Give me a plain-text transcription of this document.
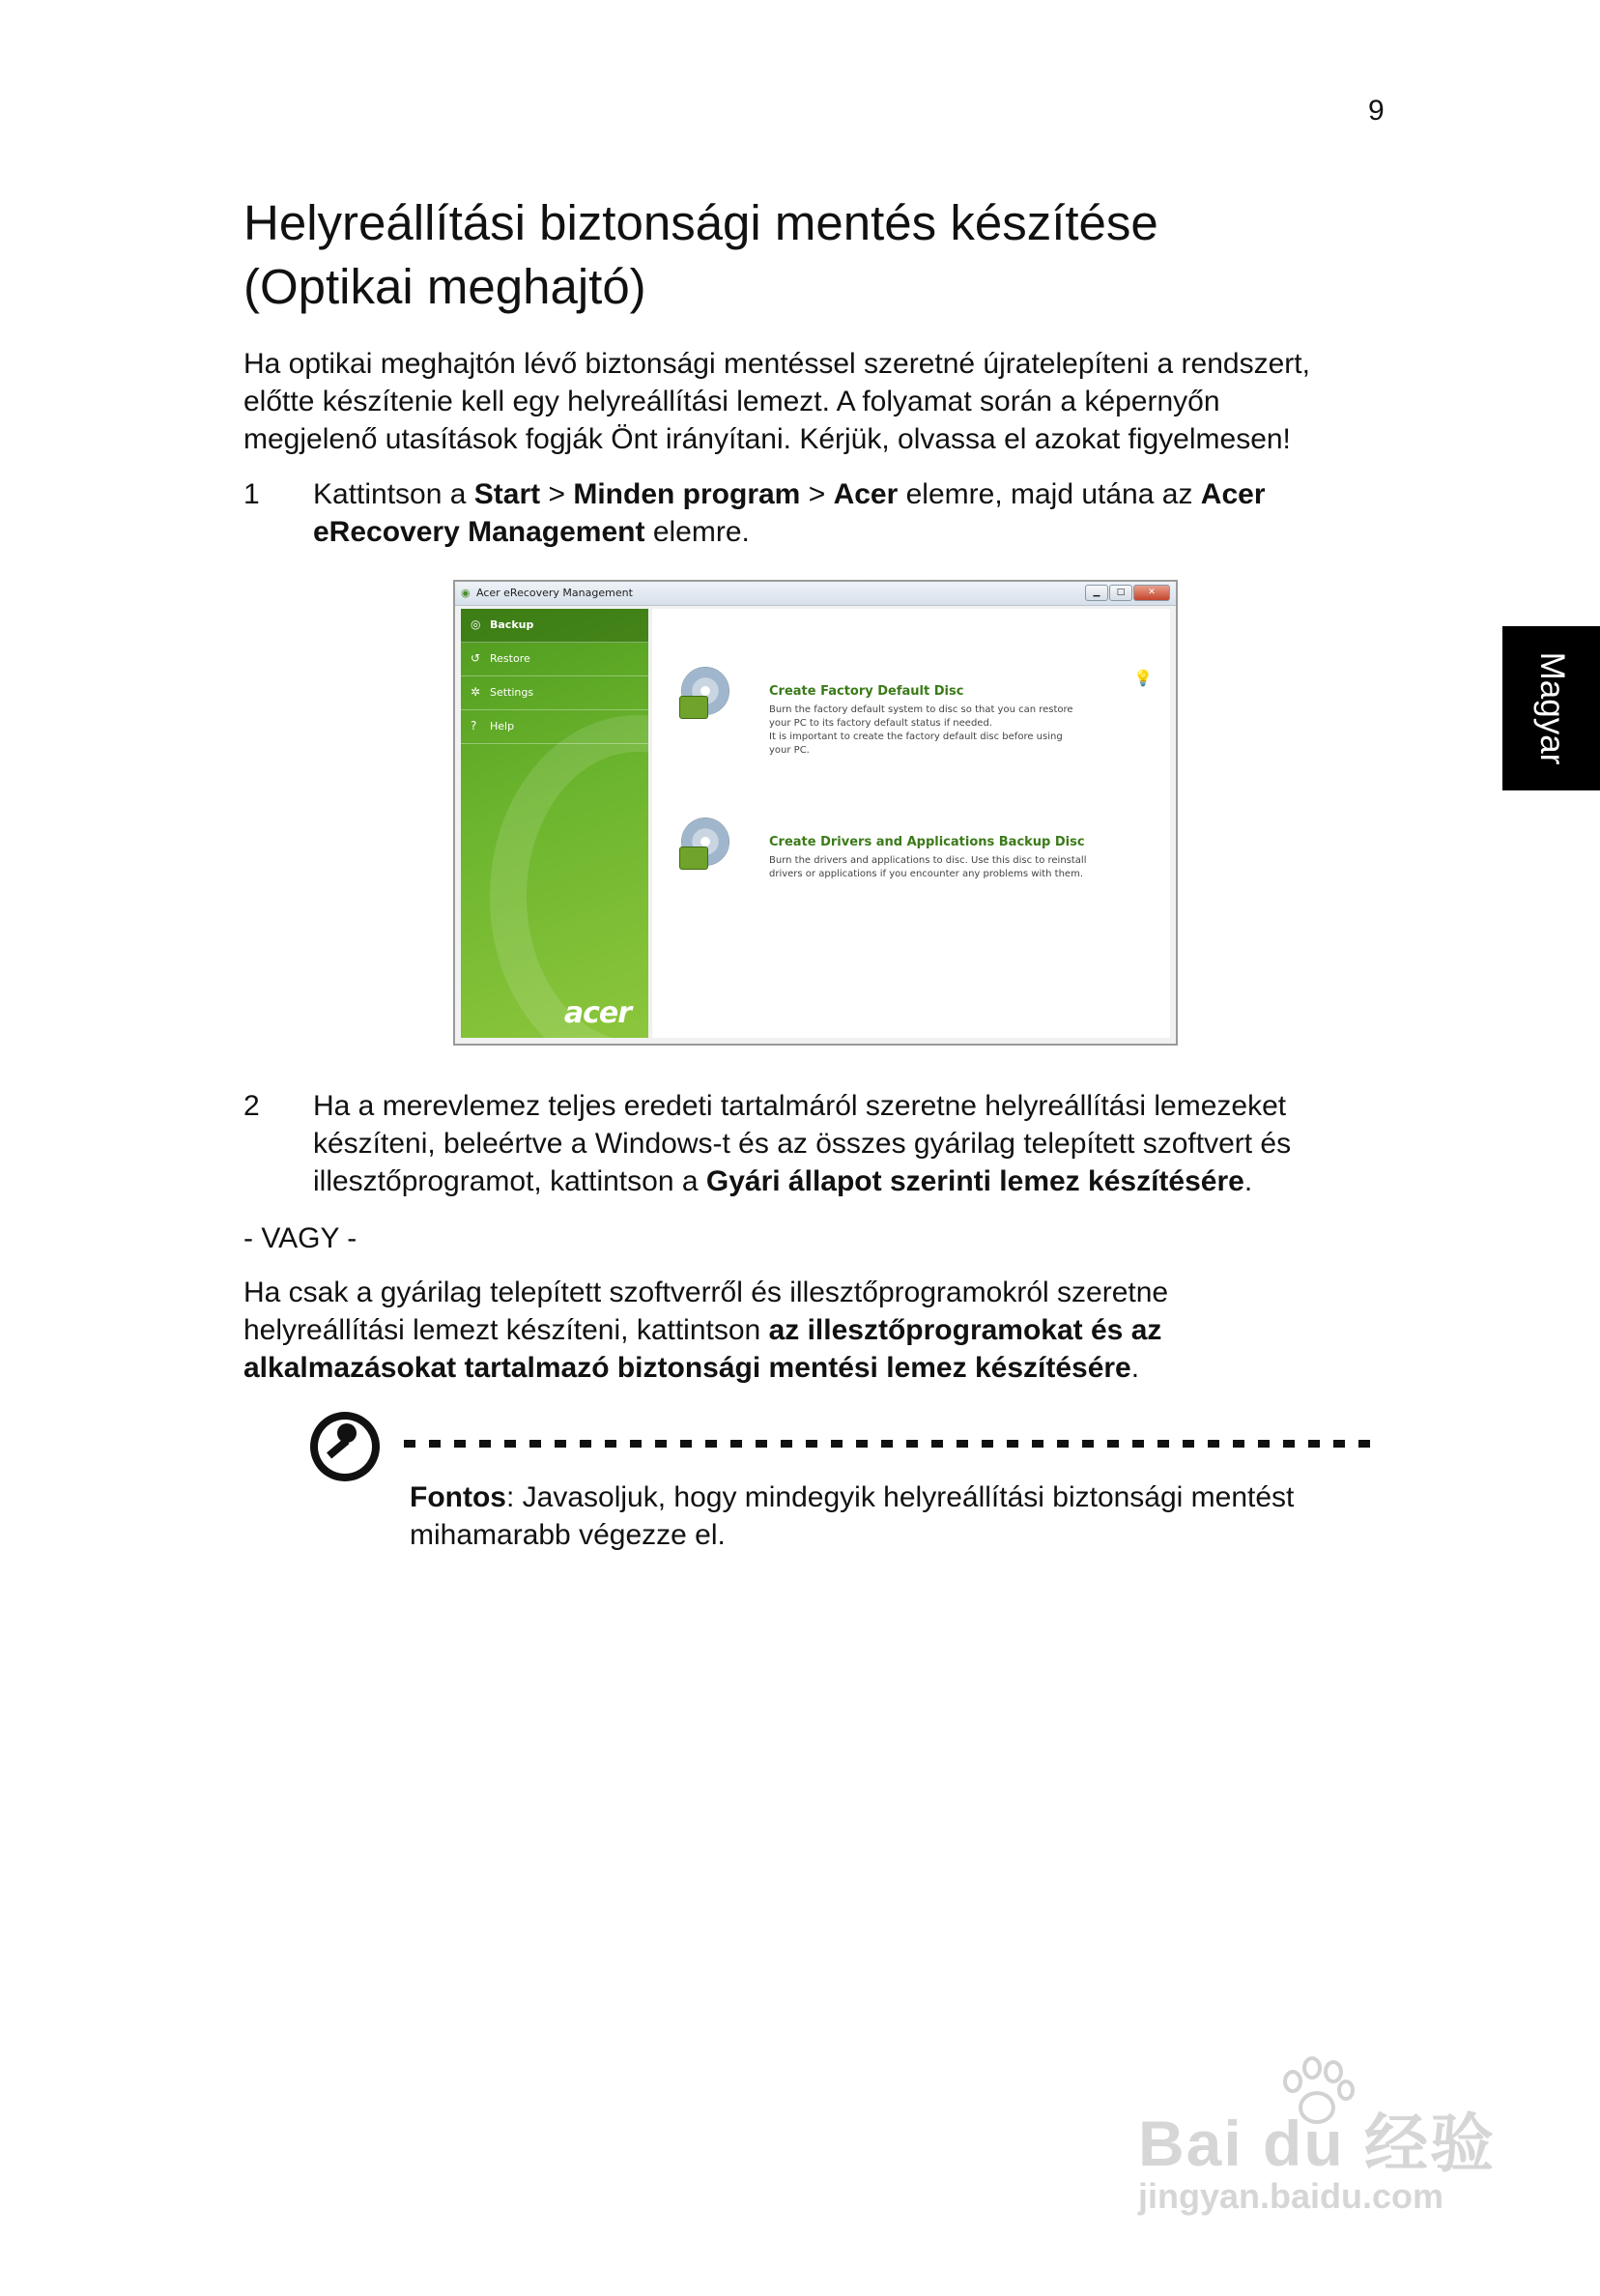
9
Magyar
Helyreállítási biztonsági mentés készítése
(Optikai meghajtó)

Ha optikai meghajtón lévő biztonsági mentéssel szeretné újratelepíteni a rendszert,
előtte készítenie kell egy helyreállítási lemezt. A folyamat során a képernyőn
megjelenő utasítások fogják Önt irányítani. Kérjük, olvassa el azokat figyelmesen!

1 Kattintson a Start > Minden program > Acer elemre, majd utána az Acer
eRecovery Management elemre.

◉ Acer eRecovery Management	▁	□	✕
◎ Backup
↺ Restore
✲ Settings
? Help
acer
💡
Create Factory Default Disc
Burn the factory default system to disc so that you can restore
your PC to its factory default status if needed.
It is important to create the factory default disc before using
your PC.
Create Drivers and Applications Backup Disc
Burn the drivers and applications to disc. Use this disc to reinstall
drivers or applications if you encounter any problems with them.
2 Ha a merevlemez teljes eredeti tartalmáról szeretne helyreállítási lemezeket
készíteni, beleértve a Windows-t és az összes gyárilag telepített szoftvert és
illesztőprogramot, kattintson a Gyári állapot szerinti lemez készítésére.

- VAGY -

Ha csak a gyárilag telepített szoftverről és illesztőprogramokról szeretne
helyreállítási lemezt készíteni, kattintson az illesztőprogramokat és az
alkalmazásokat tartalmazó biztonsági mentési lemez készítésére.

Fontos: Javasoljuk, hogy mindegyik helyreállítási biztonsági mentést
mihamarabb végezze el.

Bai du 经验
jingyan.baidu.com
